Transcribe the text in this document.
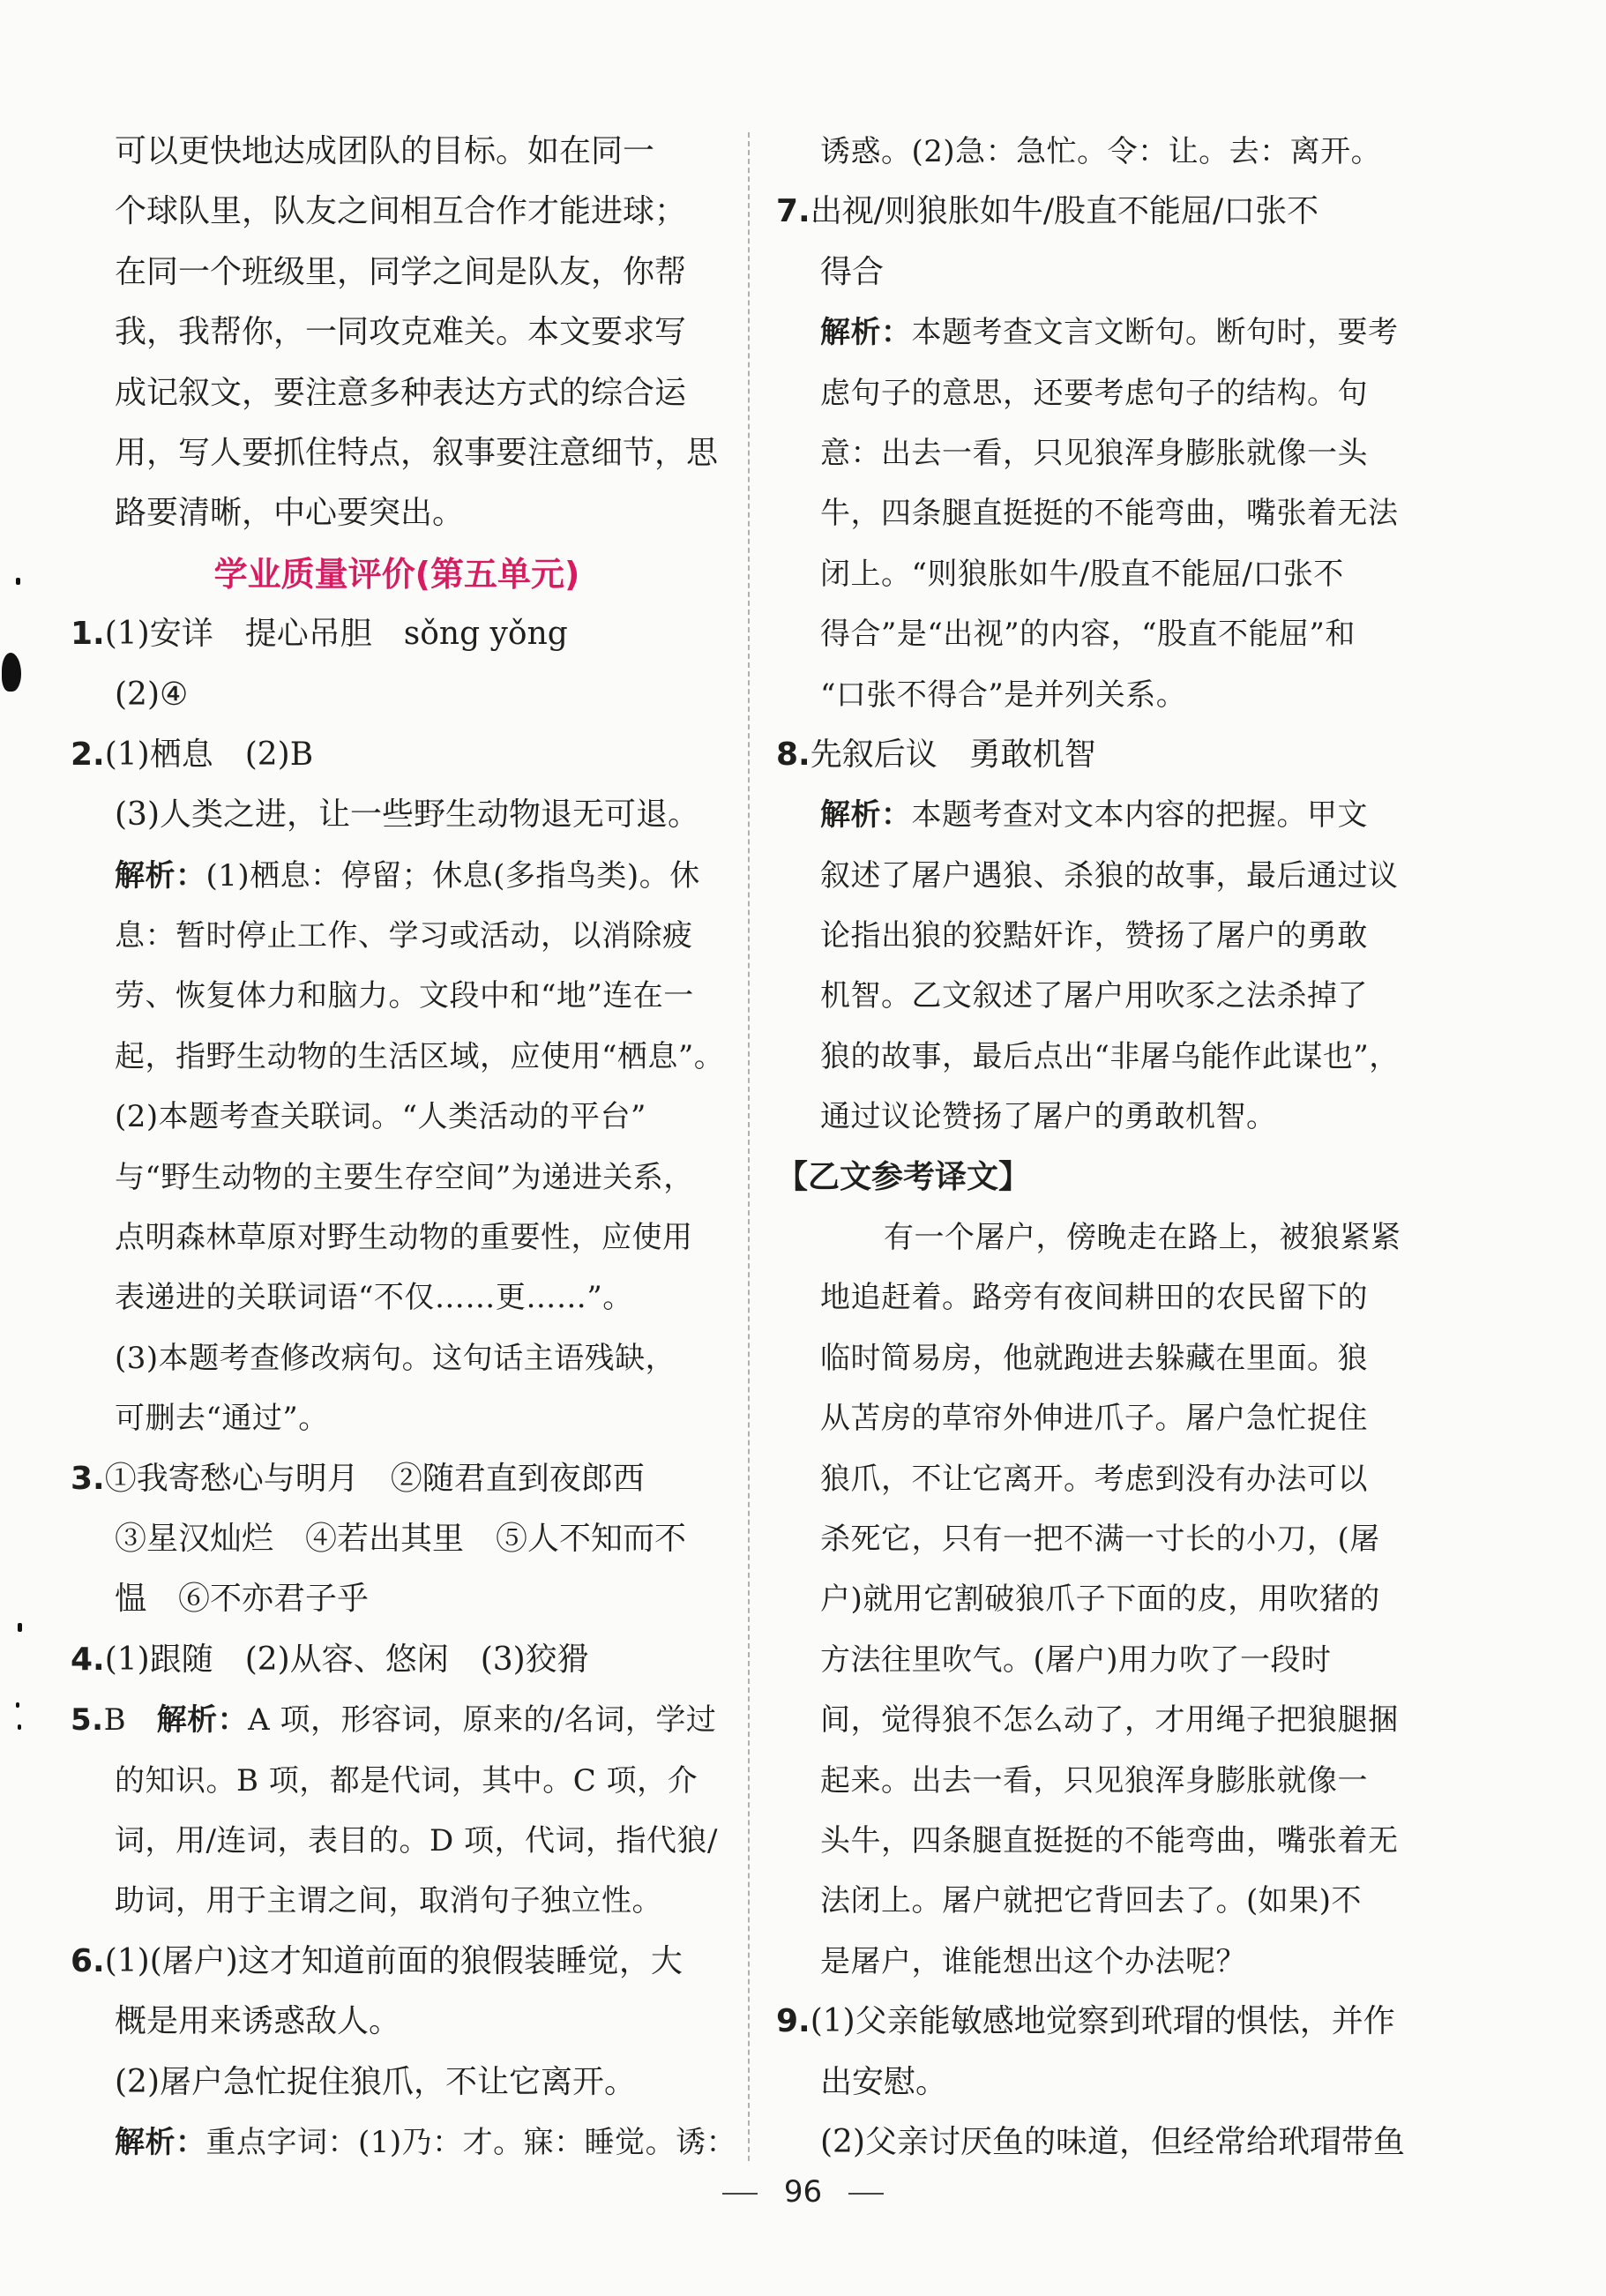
可以更快地达成团队的目标。如在同一
个球队里，队友之间相互合作才能进球；
在同一个班级里，同学之间是队友，你帮
我，我帮你，一同攻克难关。本文要求写
成记叙文，要注意多种表达方式的综合运
用，写人要抓住特点，叙事要注意细节，思
路要清晰，中心要突出。
学业质量评价(第五单元)
1.(1)安详　提心吊胆　sǒng yǒng
(2)④
2.(1)栖息　(2)B
(3)人类之进，让一些野生动物退无可退。
解析：(1)栖息：停留；休息(多指鸟类)。休
息：暂时停止工作、学习或活动，以消除疲
劳、恢复体力和脑力。文段中和“地”连在一
起，指野生动物的生活区域，应使用“栖息”。
(2)本题考查关联词。“人类活动的平台”
与“野生动物的主要生存空间”为递进关系，
点明森林草原对野生动物的重要性，应使用
表递进的关联词语“不仅……更……”。
(3)本题考查修改病句。这句话主语残缺，
可删去“通过”。
3.①我寄愁心与明月　②随君直到夜郎西
③星汉灿烂　④若出其里　⑤人不知而不
愠　⑥不亦君子乎
4.(1)跟随　(2)从容、悠闲　(3)狡猾
5.B　解析：A 项，形容词，原来的/名词，学过
的知识。B 项，都是代词，其中。C 项，介
词，用/连词，表目的。D 项，代词，指代狼/
助词，用于主谓之间，取消句子独立性。
6.(1)(屠户)这才知道前面的狼假装睡觉，大
概是用来诱惑敌人。
(2)屠户急忙捉住狼爪，不让它离开。
解析：重点字词：(1)乃：才。寐：睡觉。诱：
诱惑。(2)急：急忙。令：让。去：离开。
7.出视/则狼胀如牛/股直不能屈/口张不
得合
解析：本题考查文言文断句。断句时，要考
虑句子的意思，还要考虑句子的结构。句
意：出去一看，只见狼浑身膨胀就像一头
牛，四条腿直挺挺的不能弯曲，嘴张着无法
闭上。“则狼胀如牛/股直不能屈/口张不
得合”是“出视”的内容，“股直不能屈”和
“口张不得合”是并列关系。
8.先叙后议　勇敢机智
解析：本题考查对文本内容的把握。甲文
叙述了屠户遇狼、杀狼的故事，最后通过议
论指出狼的狡黠奸诈，赞扬了屠户的勇敢
机智。乙文叙述了屠户用吹豕之法杀掉了
狼的故事，最后点出“非屠乌能作此谋也”，
通过议论赞扬了屠户的勇敢机智。
【乙文参考译文】
有一个屠户，傍晚走在路上，被狼紧紧
地追赶着。路旁有夜间耕田的农民留下的
临时简易房，他就跑进去躲藏在里面。狼
从苫房的草帘外伸进爪子。屠户急忙捉住
狼爪，不让它离开。考虑到没有办法可以
杀死它，只有一把不满一寸长的小刀，(屠
户)就用它割破狼爪子下面的皮，用吹猪的
方法往里吹气。(屠户)用力吹了一段时
间，觉得狼不怎么动了，才用绳子把狼腿捆
起来。出去一看，只见狼浑身膨胀就像一
头牛，四条腿直挺挺的不能弯曲，嘴张着无
法闭上。屠户就把它背回去了。(如果)不
是屠户，谁能想出这个办法呢？
9.(1)父亲能敏感地觉察到玳瑁的惧怯，并作
出安慰。
(2)父亲讨厌鱼的味道，但经常给玳瑁带鱼
96
